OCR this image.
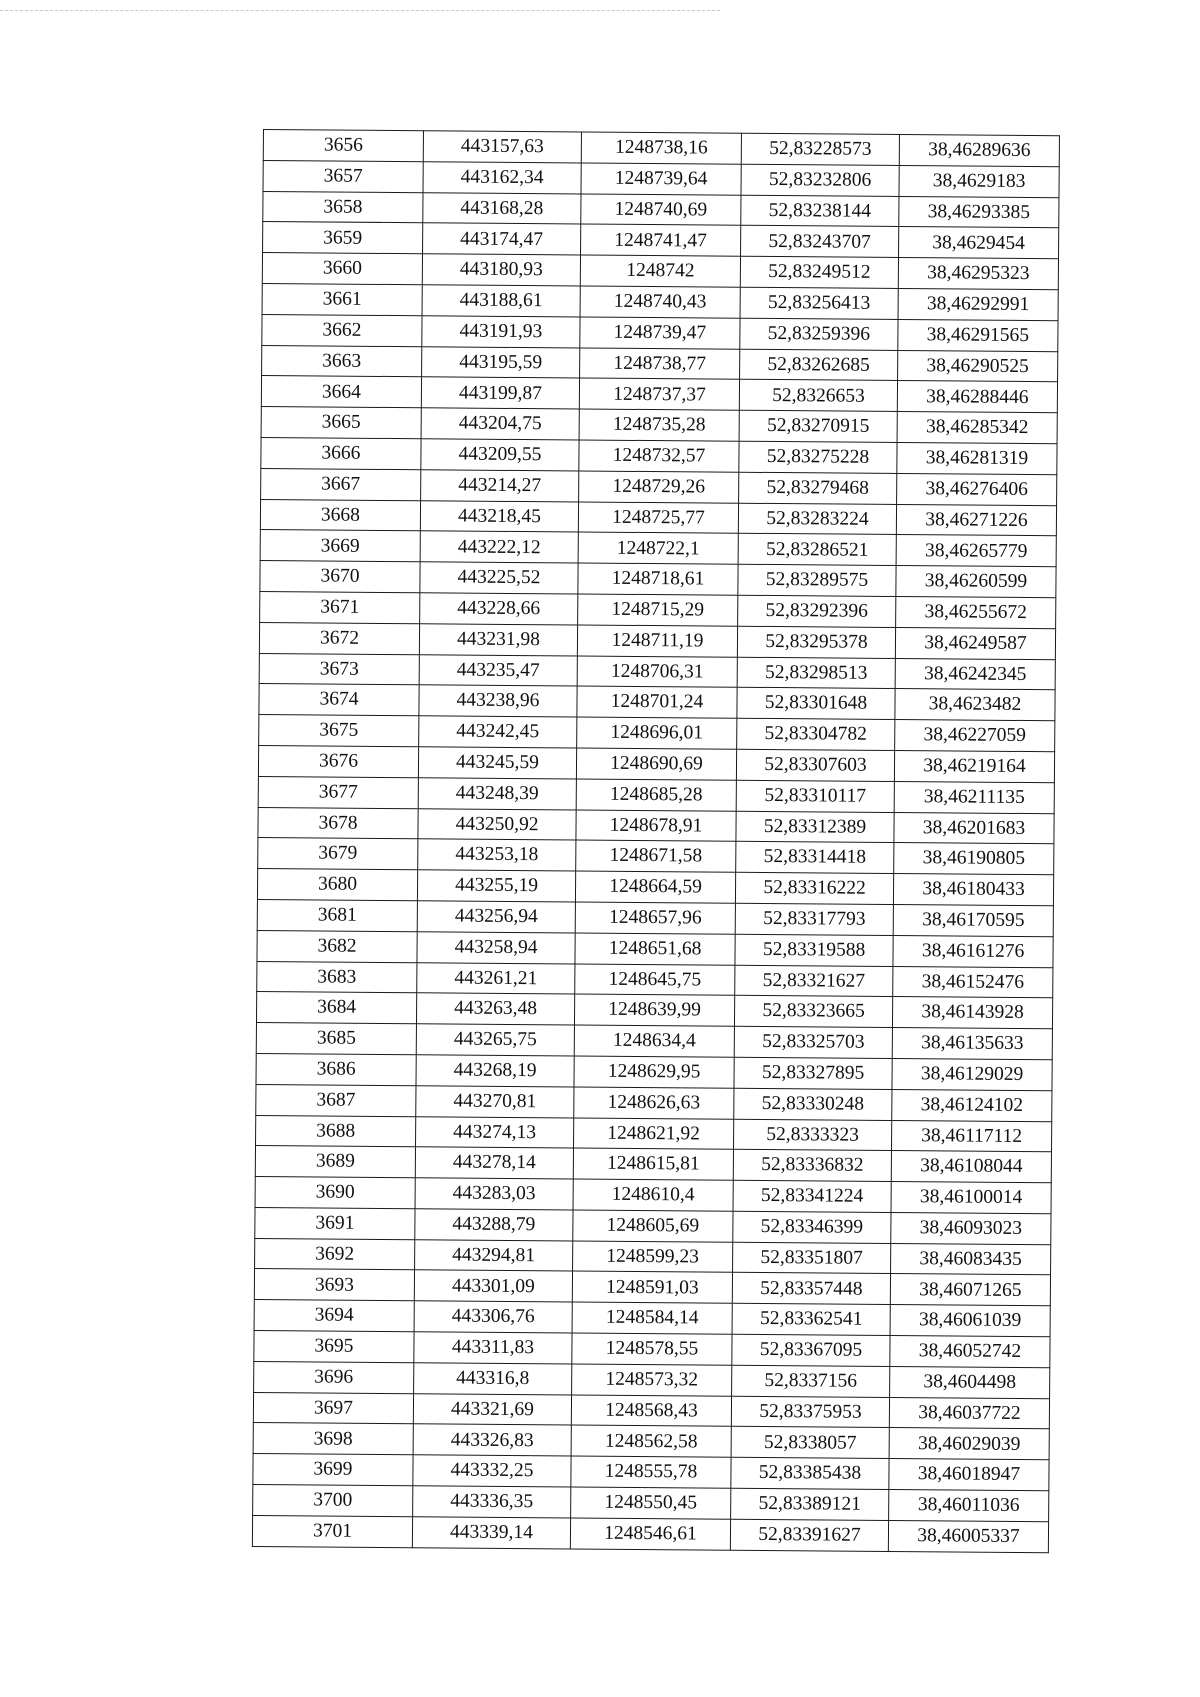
3656	443157,63	1248738,16	52,83228573	38,46289636
3657	443162,34	1248739,64	52,83232806	38,4629183
3658	443168,28	1248740,69	52,83238144	38,46293385
3659	443174,47	1248741,47	52,83243707	38,4629454
3660	443180,93	1248742	52,83249512	38,46295323
3661	443188,61	1248740,43	52,83256413	38,46292991
3662	443191,93	1248739,47	52,83259396	38,46291565
3663	443195,59	1248738,77	52,83262685	38,46290525
3664	443199,87	1248737,37	52,8326653	38,46288446
3665	443204,75	1248735,28	52,83270915	38,46285342
3666	443209,55	1248732,57	52,83275228	38,46281319
3667	443214,27	1248729,26	52,83279468	38,46276406
3668	443218,45	1248725,77	52,83283224	38,46271226
3669	443222,12	1248722,1	52,83286521	38,46265779
3670	443225,52	1248718,61	52,83289575	38,46260599
3671	443228,66	1248715,29	52,83292396	38,46255672
3672	443231,98	1248711,19	52,83295378	38,46249587
3673	443235,47	1248706,31	52,83298513	38,46242345
3674	443238,96	1248701,24	52,83301648	38,4623482
3675	443242,45	1248696,01	52,83304782	38,46227059
3676	443245,59	1248690,69	52,83307603	38,46219164
3677	443248,39	1248685,28	52,83310117	38,46211135
3678	443250,92	1248678,91	52,83312389	38,46201683
3679	443253,18	1248671,58	52,83314418	38,46190805
3680	443255,19	1248664,59	52,83316222	38,46180433
3681	443256,94	1248657,96	52,83317793	38,46170595
3682	443258,94	1248651,68	52,83319588	38,46161276
3683	443261,21	1248645,75	52,83321627	38,46152476
3684	443263,48	1248639,99	52,83323665	38,46143928
3685	443265,75	1248634,4	52,83325703	38,46135633
3686	443268,19	1248629,95	52,83327895	38,46129029
3687	443270,81	1248626,63	52,83330248	38,46124102
3688	443274,13	1248621,92	52,8333323	38,46117112
3689	443278,14	1248615,81	52,83336832	38,46108044
3690	443283,03	1248610,4	52,83341224	38,46100014
3691	443288,79	1248605,69	52,83346399	38,46093023
3692	443294,81	1248599,23	52,83351807	38,46083435
3693	443301,09	1248591,03	52,83357448	38,46071265
3694	443306,76	1248584,14	52,83362541	38,46061039
3695	443311,83	1248578,55	52,83367095	38,46052742
3696	443316,8	1248573,32	52,8337156	38,4604498
3697	443321,69	1248568,43	52,83375953	38,46037722
3698	443326,83	1248562,58	52,8338057	38,46029039
3699	443332,25	1248555,78	52,83385438	38,46018947
3700	443336,35	1248550,45	52,83389121	38,46011036
3701	443339,14	1248546,61	52,83391627	38,46005337
